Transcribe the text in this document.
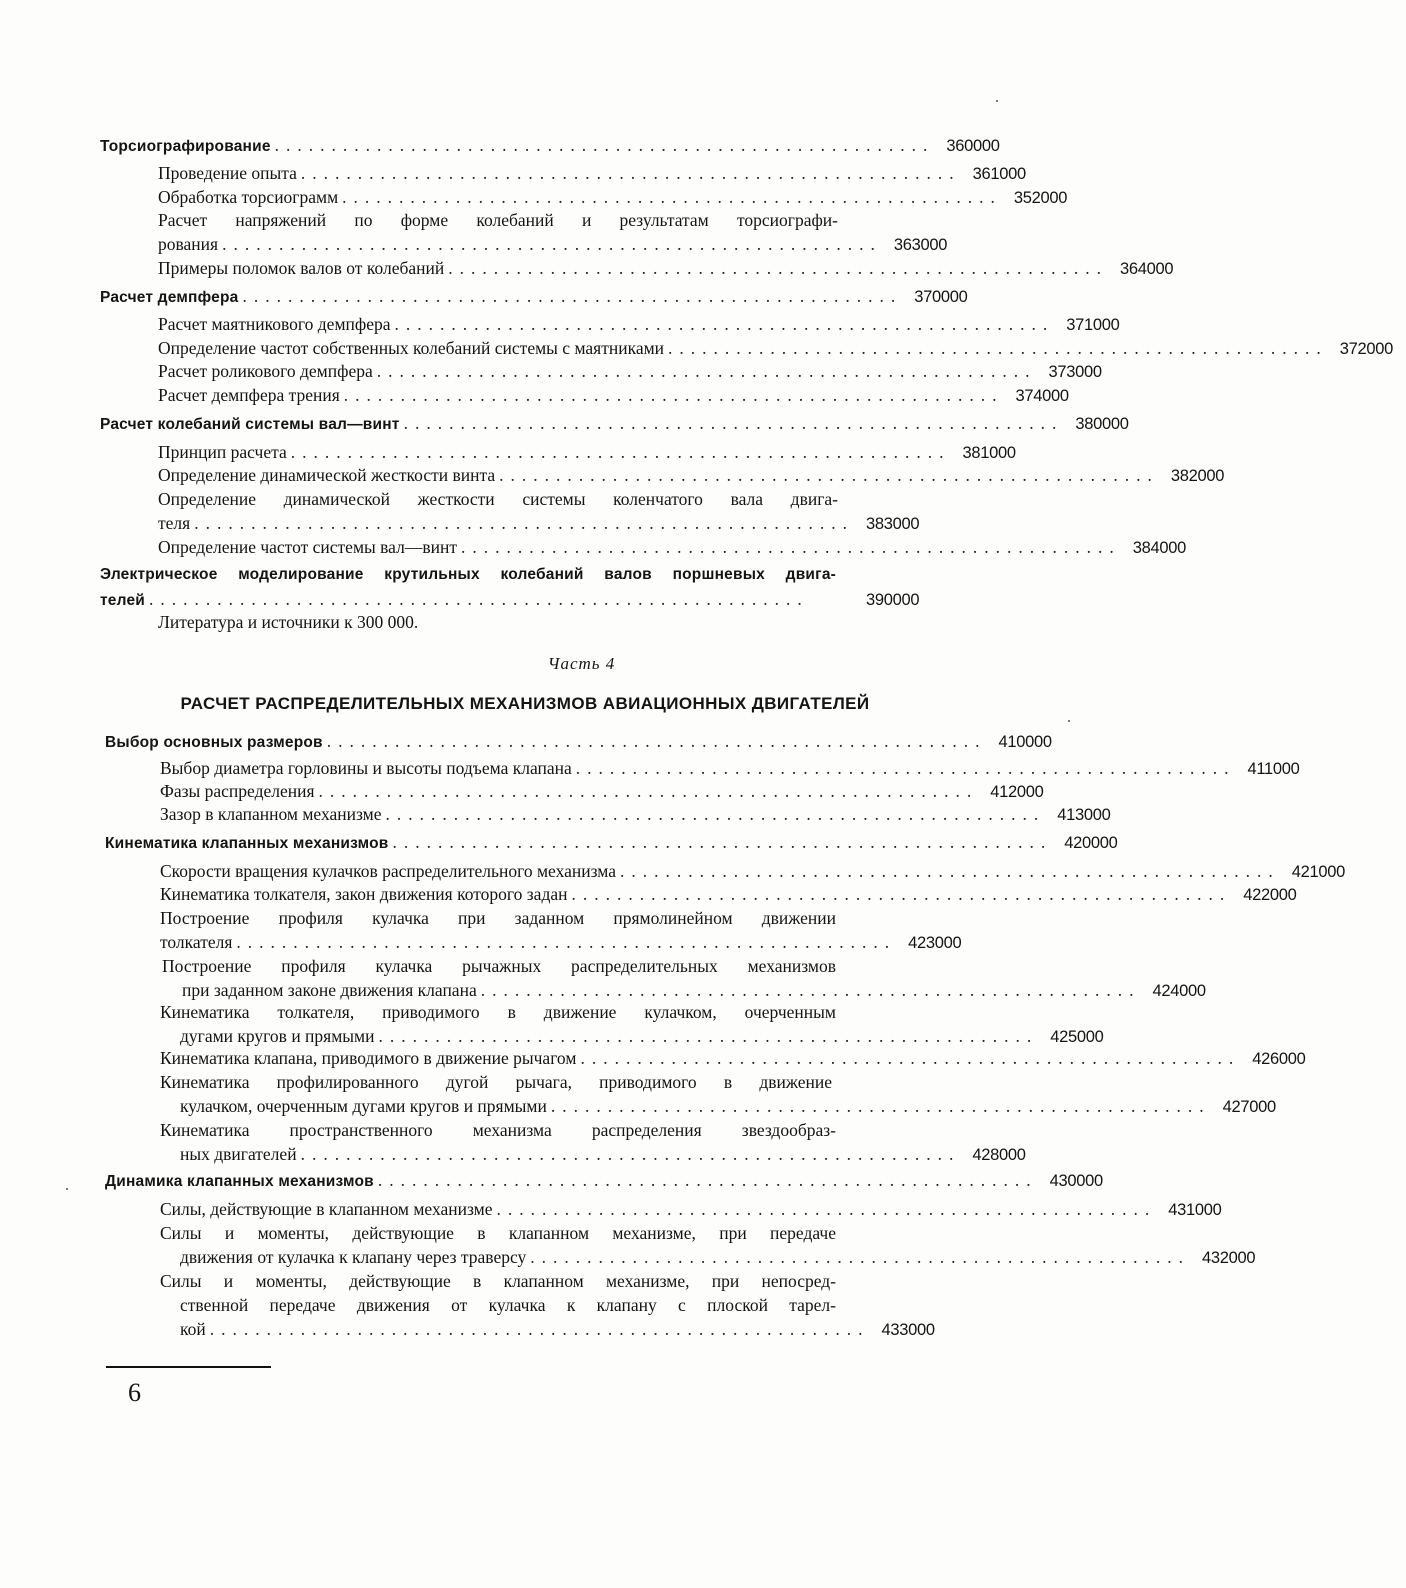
Торсиографирование .......................................................... 360000
Проведение опыта .......................................................... 361000
Обработка торсиограмм .......................................................... 352000
Расчет напряжений по форме колебаний и результатам торсиографи-
рования .......................................................... 363000
Примеры поломок валов от колебаний .......................................................... 364000
Расчет демпфера .......................................................... 370000
Расчет маятникового демпфера .......................................................... 371000
Определение частот собственных колебаний системы с маятниками .......................................................... 372000
Расчет роликового демпфера .......................................................... 373000
Расчет демпфера трения .......................................................... 374000
Расчет колебаний системы вал—винт .......................................................... 380000
Принцип расчета .......................................................... 381000
Определение динамической жесткости винта .......................................................... 382000
Определение динамической жесткости системы коленчатого вала двига-
теля .......................................................... 383000
Определение частот системы вал—винт .......................................................... 384000
Электрическое моделирование крутильных колебаний валов поршневых двига-
телей ..........................................................	390000
Литература и источники к 300 000.
Часть 4
РАСЧЕТ РАСПРЕДЕЛИТЕЛЬНЫХ МЕХАНИЗМОВ АВИАЦИОННЫХ ДВИГАТЕЛЕЙ
Выбор основных размеров .......................................................... 410000
Выбор диаметра горловины и высоты подъема клапана .......................................................... 411000
Фазы распределения .......................................................... 412000
Зазор в клапанном механизме .......................................................... 413000
Кинематика клапанных механизмов .......................................................... 420000
Скорости вращения кулачков распределительного механизма .......................................................... 421000
Кинематика толкателя, закон движения которого задан .......................................................... 422000
Построение профиля кулачка при заданном прямолинейном движении
толкателя .......................................................... 423000
Построение профиля кулачка рычажных распределительных механизмов
при заданном законе движения клапана .......................................................... 424000
Кинематика толкателя, приводимого в движение кулачком, очерченным
дугами кругов и прямыми .......................................................... 425000
Кинематика клапана, приводимого в движение рычагом .......................................................... 426000
Кинематика профилированного дугой рычага, приводимого в движение
кулачком, очерченным дугами кругов и прямыми .......................................................... 427000
Кинематика пространственного механизма распределения звездообраз-
ных двигателей .......................................................... 428000
Динамика клапанных механизмов .......................................................... 430000
Силы, действующие в клапанном механизме .......................................................... 431000
Силы и моменты, действующие в клапанном механизме, при передаче
движения от кулачка к клапану через траверсу .......................................................... 432000
Силы и моменты, действующие в клапанном механизме, при непосред-
ственной передаче движения от кулачка к клапану с плоской тарел-
кой .......................................................... 433000
6
